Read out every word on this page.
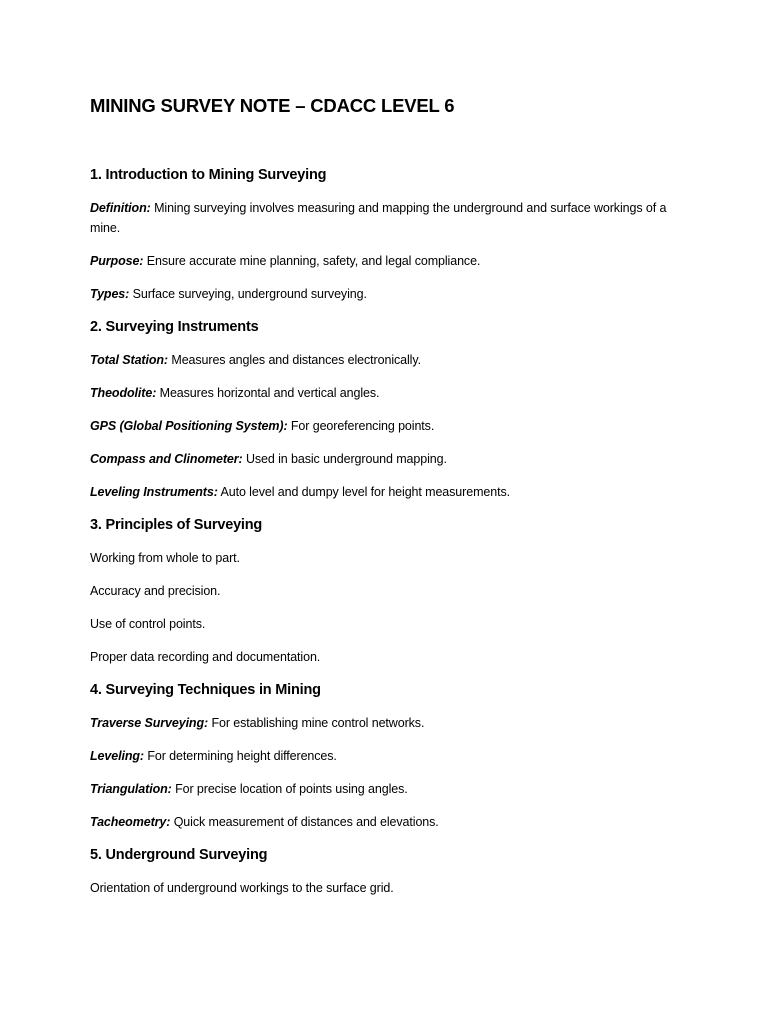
MINING SURVEY NOTE – CDACC LEVEL 6
1. Introduction to Mining Surveying

Definition: Mining surveying involves measuring and mapping the underground and surface workings of a mine.

Purpose: Ensure accurate mine planning, safety, and legal compliance.

Types: Surface surveying, underground surveying.

2. Surveying Instruments

Total Station: Measures angles and distances electronically.

Theodolite: Measures horizontal and vertical angles.

GPS (Global Positioning System): For georeferencing points.

Compass and Clinometer: Used in basic underground mapping.

Leveling Instruments: Auto level and dumpy level for height measurements.

3. Principles of Surveying

Working from whole to part.

Accuracy and precision.

Use of control points.

Proper data recording and documentation.

4. Surveying Techniques in Mining

Traverse Surveying: For establishing mine control networks.

Leveling: For determining height differences.

Triangulation: For precise location of points using angles.

Tacheometry: Quick measurement of distances and elevations.

5. Underground Surveying

Orientation of underground workings to the surface grid.
